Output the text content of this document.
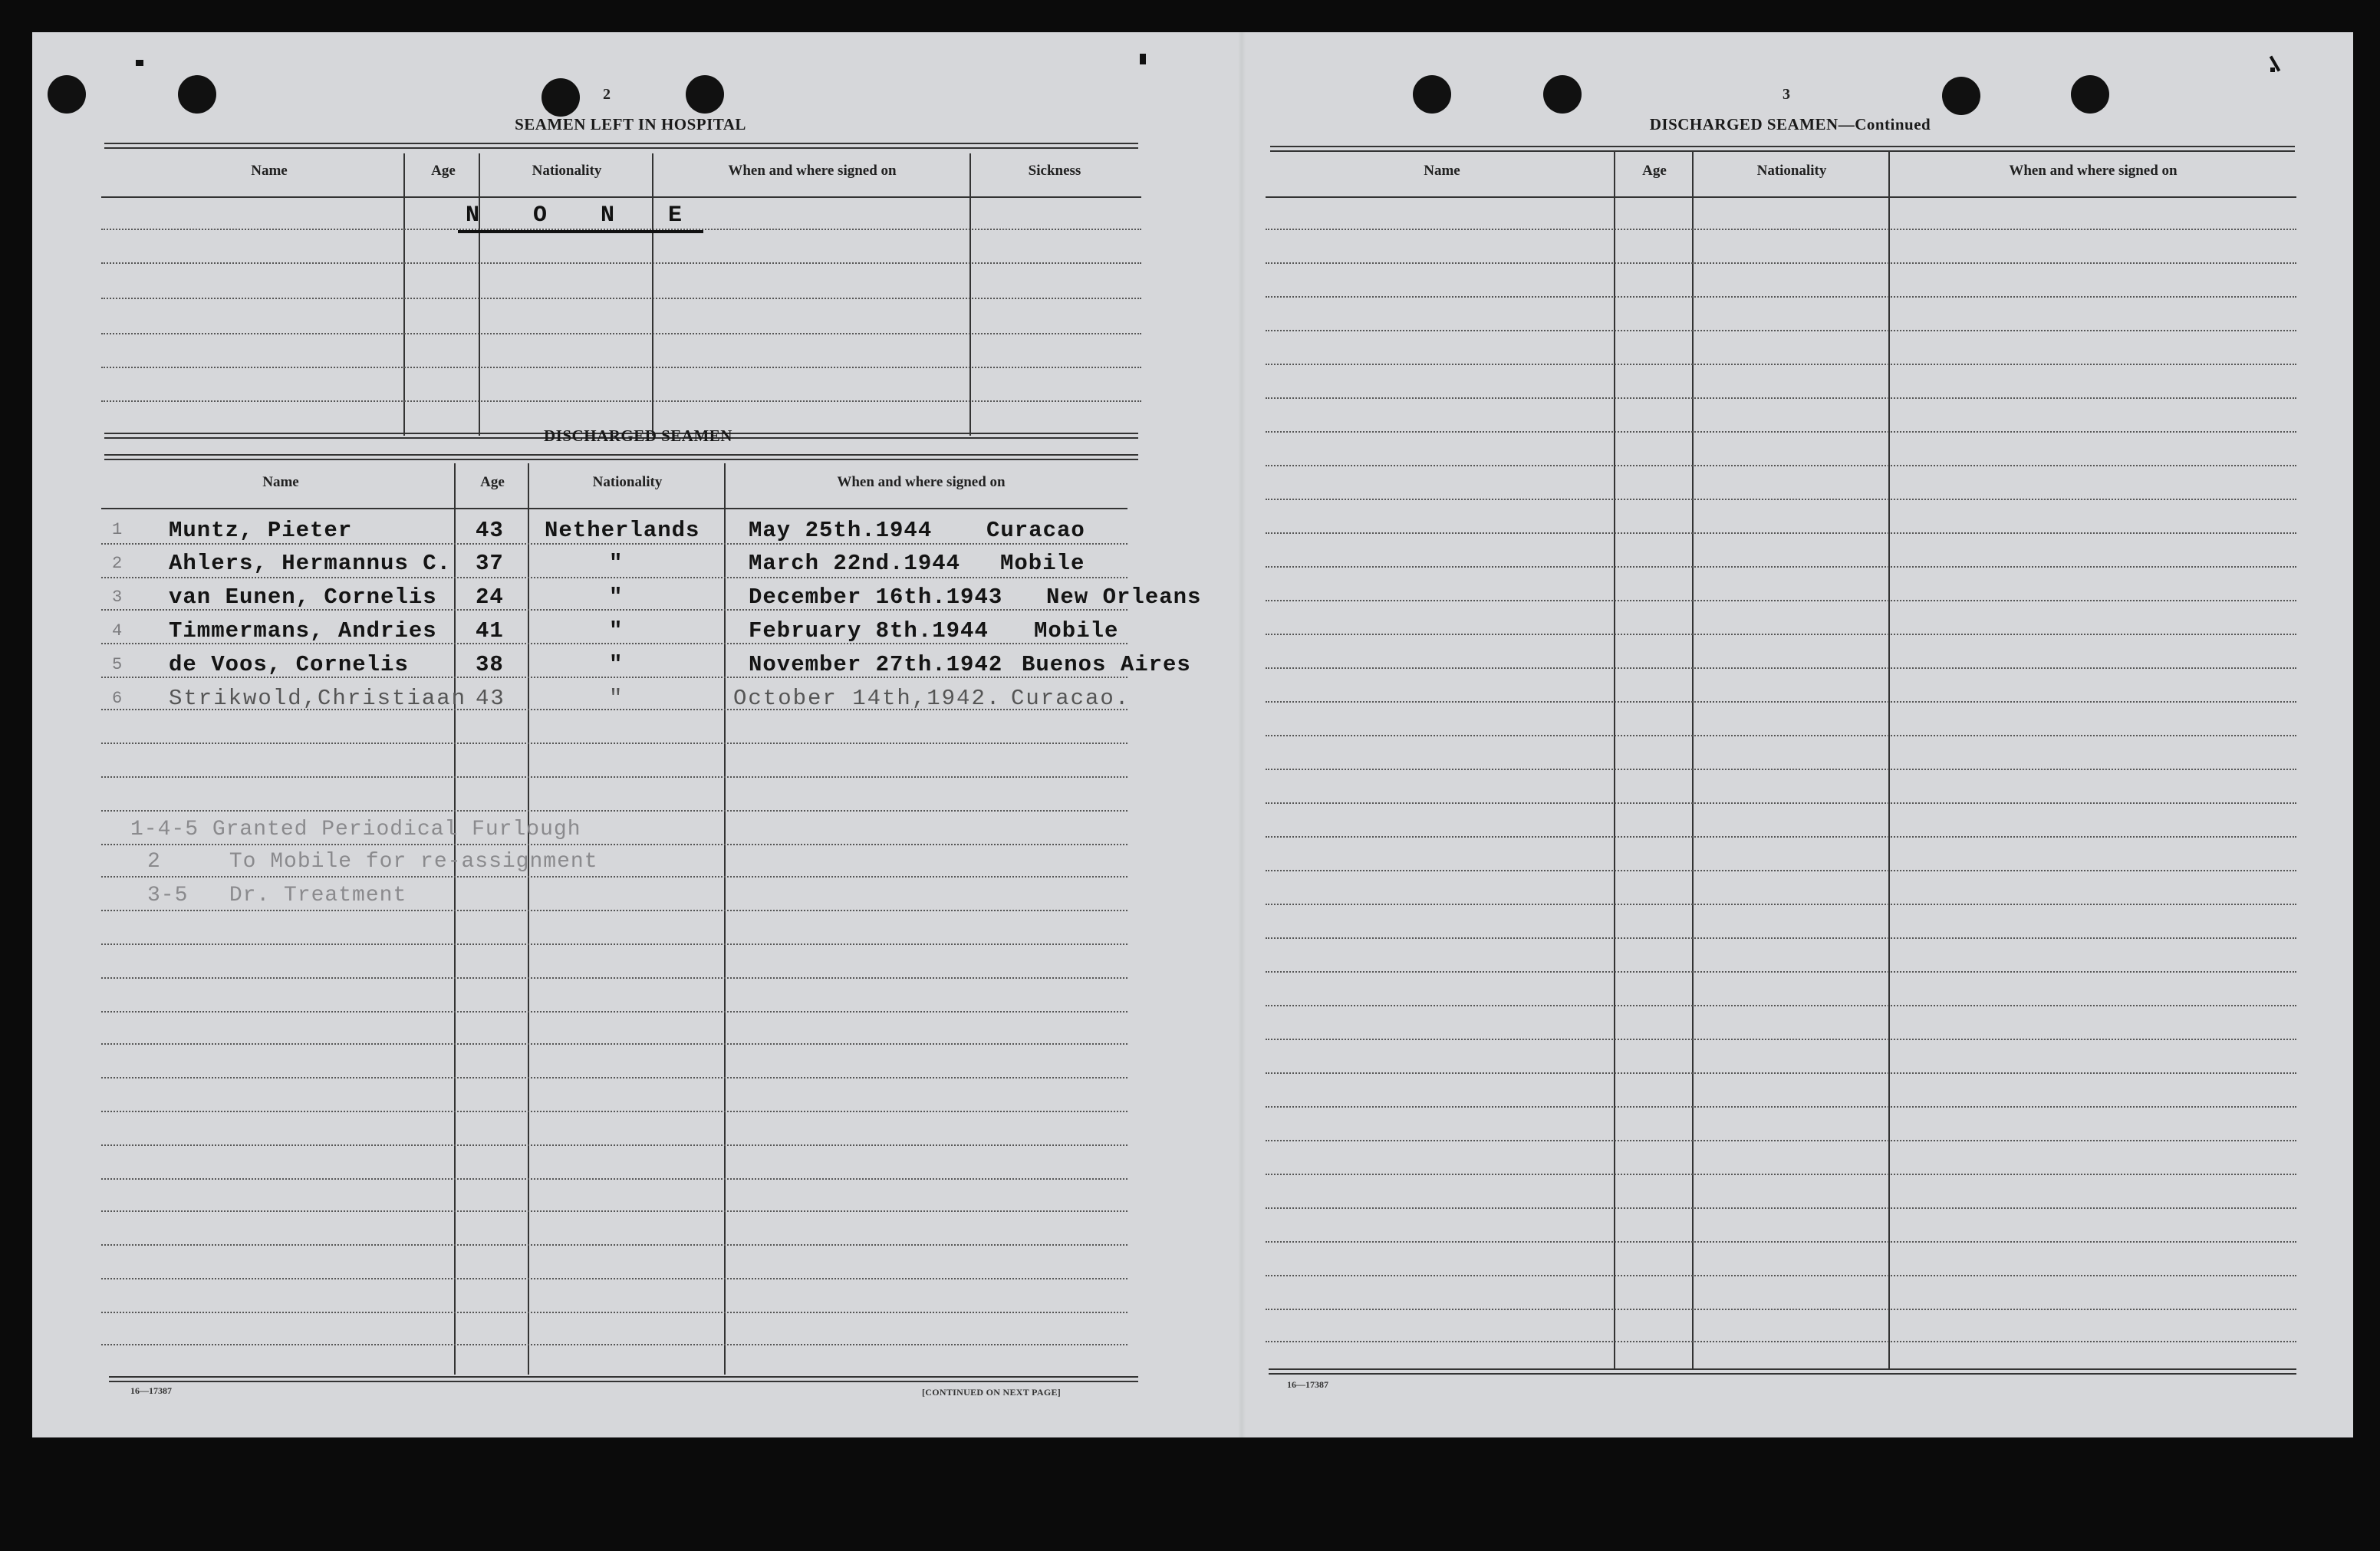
2
SEAMEN LEFT IN HOSPITAL
Name	Age	Nationality	When and where signed on	Sickness
N O N E
DISCHARGED SEAMEN
Name	Age	Nationality	When and where signed on
1 Muntz, Pieter	43 Netherlands May 25th.1944 Curacao
2 Ahlers, Hermannus C. 37	"	March 22nd.1944 Mobile
3 van Eunen, Cornelis 24	"	December 16th.1943 New Orleans
4 Timmermans, Andries 41	"	February 8th.1944 Mobile
5 de Voos, Cornelis	38	"	November 27th.1942 Buenos Aires
6 Strikwold,Christiaan 43	"	October 14th,1942. Curacao.
1-4-5 Granted Periodical Furlough
2     To Mobile for re-assignment
3-5   Dr. Treatment
16—17387	[CONTINUED ON NEXT PAGE]
3
DISCHARGED SEAMEN—Continued
Name	Age	Nationality	When and where signed on
16—17387
